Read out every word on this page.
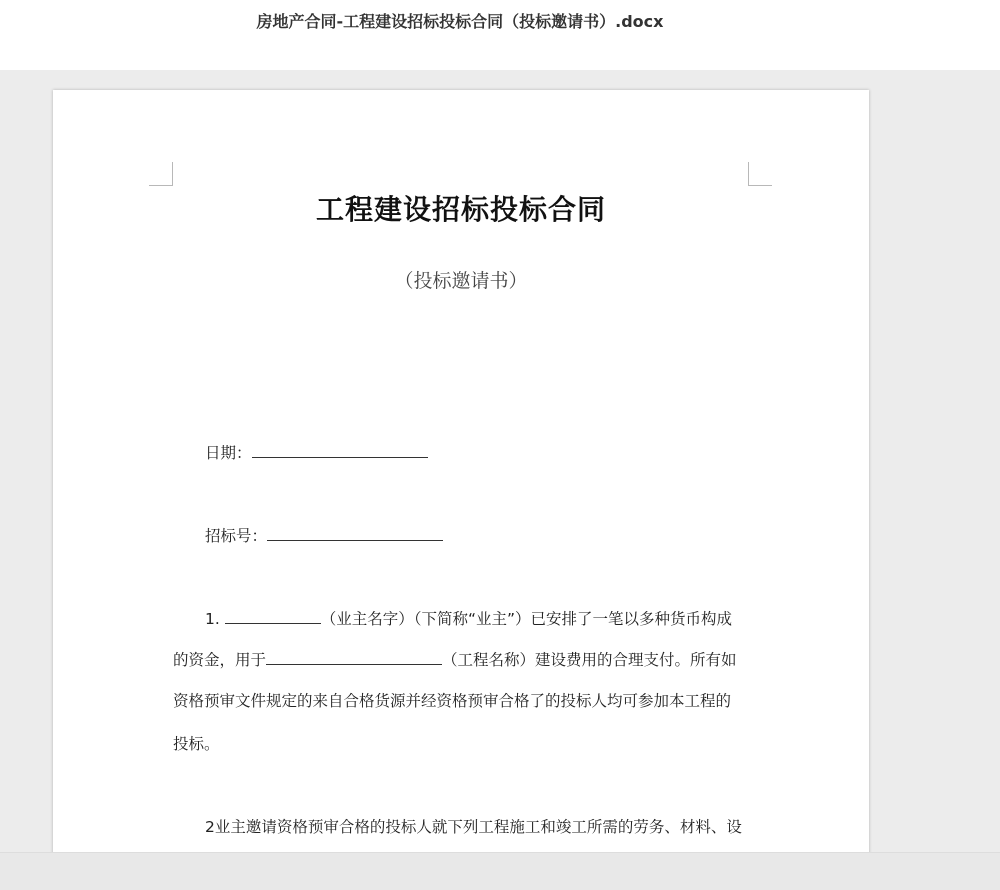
房地产合同-工程建设招标投标合同（投标邀请书）.docx
工程建设招标投标合同
（投标邀请书）
日期：
招标号：
1.	（业主名字）（下简称“业主”）已安排了一笔以多种货币构成
的资金，用于	（工程名称）建设费用的合理支付。所有如
资格预审文件规定的来自合格货源并经资格预审合格了的投标人均可参加本工程的
投标。
2业主邀请资格预审合格的投标人就下列工程施工和竣工所需的劳务、材料、设
